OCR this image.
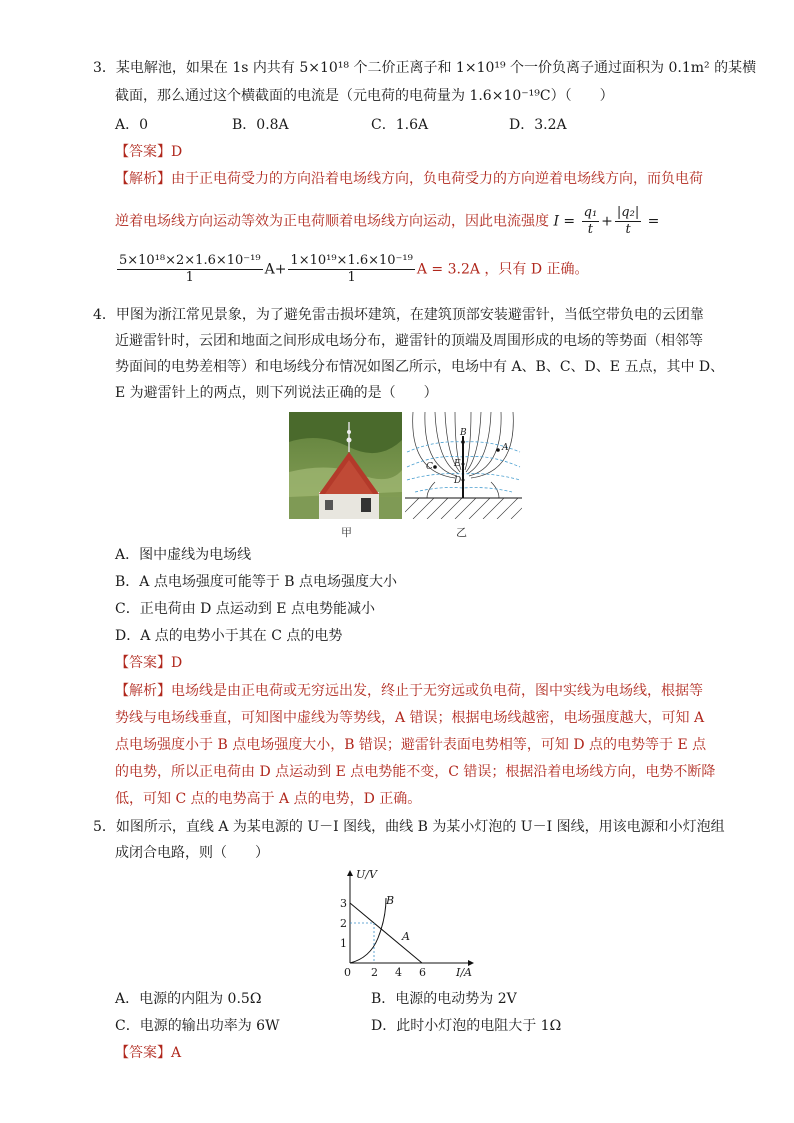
3．某电解池，如果在 1s 内共有 5×10¹⁸ 个二价正离子和 1×10¹⁹ 个一价负离子通过面积为 0.1m² 的某横
截面，那么通过这个横截面的电流是（元电荷的电荷量为 1.6×10⁻¹⁹C）（　　）
A．0	B．0.8A	C．1.6A	D．3.2A
【答案】D
【解析】由于正电荷受力的方向沿着电场线方向，负电荷受力的方向逆着电场线方向，而负电荷
逆着电场线方向运动等效为正电荷顺着电场线方向运动，因此电流强度 $I = \frac{\text{q₁}}{t} + \frac{\text{|q₂|}}{t}$ =
$\frac{\text{5×10¹⁸×2×1.6×10⁻¹⁹}}{1} A+ \frac{\text{1×10¹⁹×1.6×10⁻¹⁹}}{1}$ A = 3.2A ，只有 D 正确。
4．甲图为浙江常见景象，为了避免雷击损坏建筑，在建筑顶部安装避雷针，当低空带负电的云团靠
近避雷针时，云团和地面之间形成电场分布，避雷针的顶端及周围形成的电场的等势面（相邻等
势面间的电势差相等）和电场线分布情况如图乙所示，电场中有 A、B、C、D、E 五点，其中 D、
E 为避雷针上的两点，则下列说法正确的是（　　）
甲
B
A
C E
D
乙
A．图中虚线为电场线
B．A 点电场强度可能等于 B 点电场强度大小
C．正电荷由 D 点运动到 E 点电势能减小
D．A 点的电势小于其在 C 点的电势
【答案】D
【解析】电场线是由正电荷或无穷远出发，终止于无穷远或负电荷，图中实线为电场线，根据等
势线与电场线垂直，可知图中虚线为等势线，A 错误；根据电场线越密，电场强度越大，可知 A
点电场强度小于 B 点电场强度大小，B 错误；避雷针表面电势相等，可知 D 点的电势等于 E 点
的电势，所以正电荷由 D 点运动到 E 点电势能不变，C 错误；根据沿着电场线方向，电势不断降
低，可知 C 点的电势高于 A 点的电势，D 正确。
5．如图所示，直线 A 为某电源的 U－I 图线，曲线 B 为某小灯泡的 U－I 图线，用该电源和小灯泡组
成闭合电路，则（　　）
U/V
I/A
3
2
1
0 2 4 6
B
A
A．电源的内阻为 0.5Ω	B．电源的电动势为 2V
C．电源的输出功率为 6W	D．此时小灯泡的电阻大于 1Ω
【答案】A
